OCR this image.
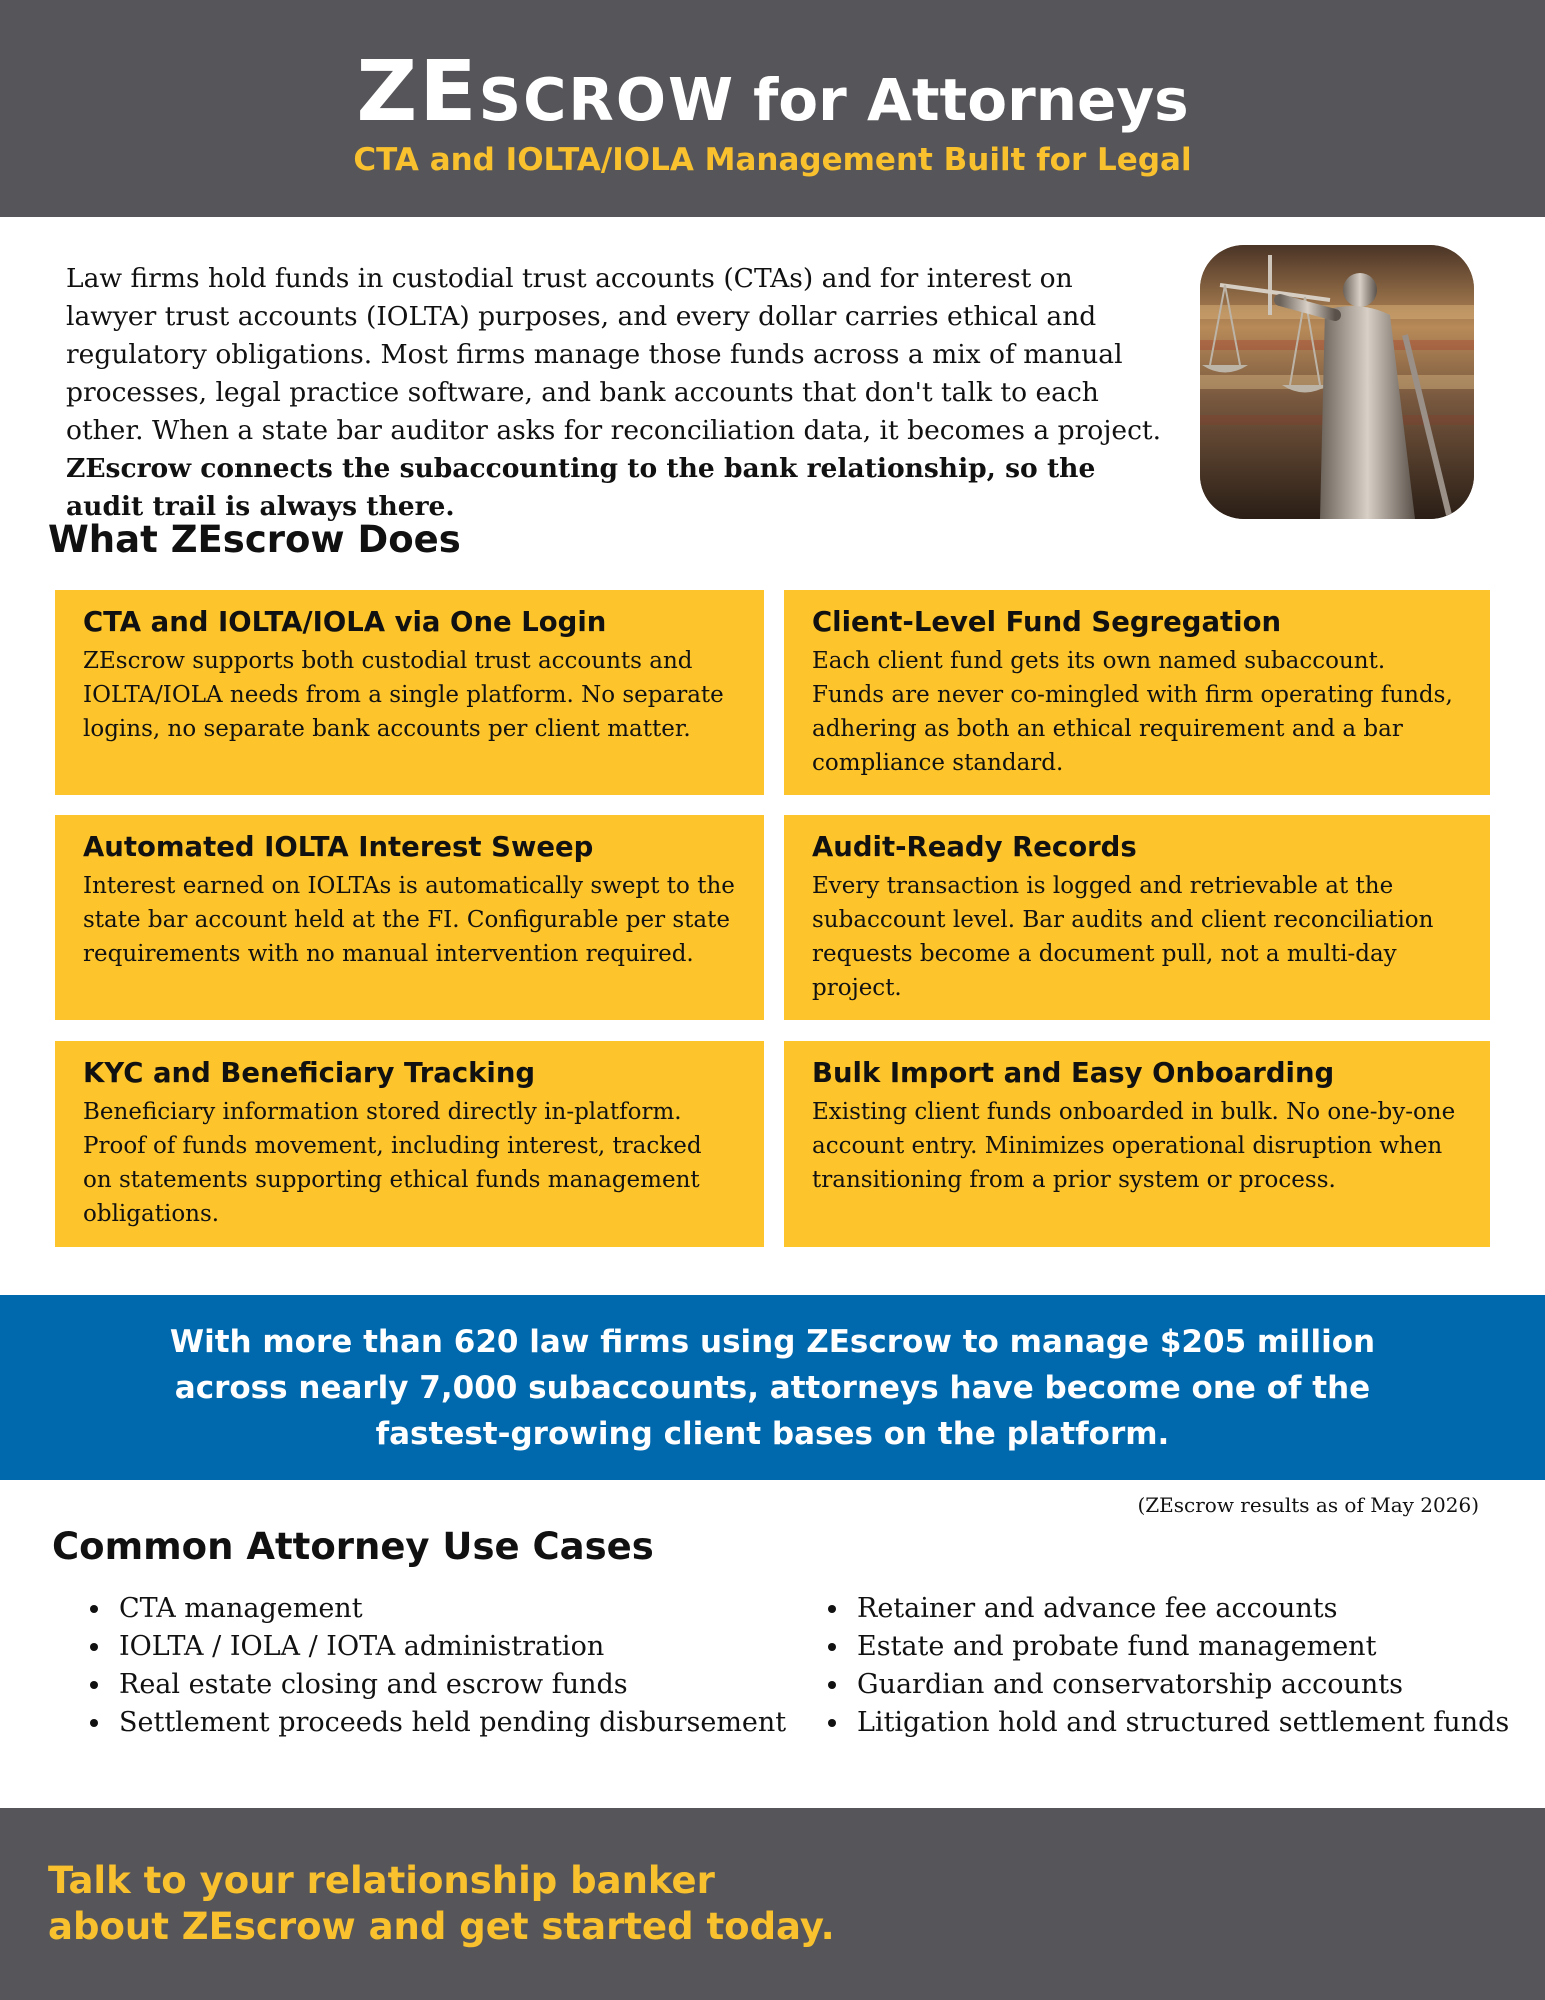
ZEscrow for Attorneys
CTA and IOLTA/IOLA Management Built for Legal

Law firms hold funds in custodial trust accounts (CTAs) and for interest on lawyer trust accounts (IOLTA) purposes, and every dollar carries ethical and regulatory obligations. Most firms manage those funds across a mix of manual processes, legal practice software, and bank accounts that don't talk to each other. When a state bar auditor asks for reconciliation data, it becomes a project. ZEscrow connects the subaccounting to the bank relationship, so the audit trail is always there.

What ZEscrow Does
CTA and IOLTA/IOLA via One Login

ZEscrow supports both custodial trust accounts and IOLTA/IOLA needs from a single platform. No separate logins, no separate bank accounts per client matter.

Client-Level Fund Segregation

Each client fund gets its own named subaccount. Funds are never co-mingled with firm operating funds, adhering as both an ethical requirement and a bar compliance standard.

Automated IOLTA Interest Sweep

Interest earned on IOLTAs is automatically swept to the state bar account held at the FI. Configurable per state requirements with no manual intervention required.

Audit-Ready Records

Every transaction is logged and retrievable at the subaccount level. Bar audits and client reconciliation requests become a document pull, not a multi-day project.

KYC and Beneficiary Tracking

Beneficiary information stored directly in-platform. Proof of funds movement, including interest, tracked on statements supporting ethical funds management obligations.

Bulk Import and Easy Onboarding

Existing client funds onboarded in bulk. No one-by-one account entry. Minimizes operational disruption when transitioning from a prior system or process.

With more than 620 law firms using ZEscrow to manage $205 million across nearly 7,000 subaccounts, attorneys have become one of the fastest-growing client bases on the platform.
(ZEscrow results as of May 2026)
Common Attorney Use Cases
• CTA management
• IOLTA / IOLA / IOTA administration
• Real estate closing and escrow funds
• Settlement proceeds held pending disbursement
• Retainer and advance fee accounts
• Estate and probate fund management
• Guardian and conservatorship accounts
• Litigation hold and structured settlement funds

Talk to your relationship banker
about ZEscrow and get started today.
